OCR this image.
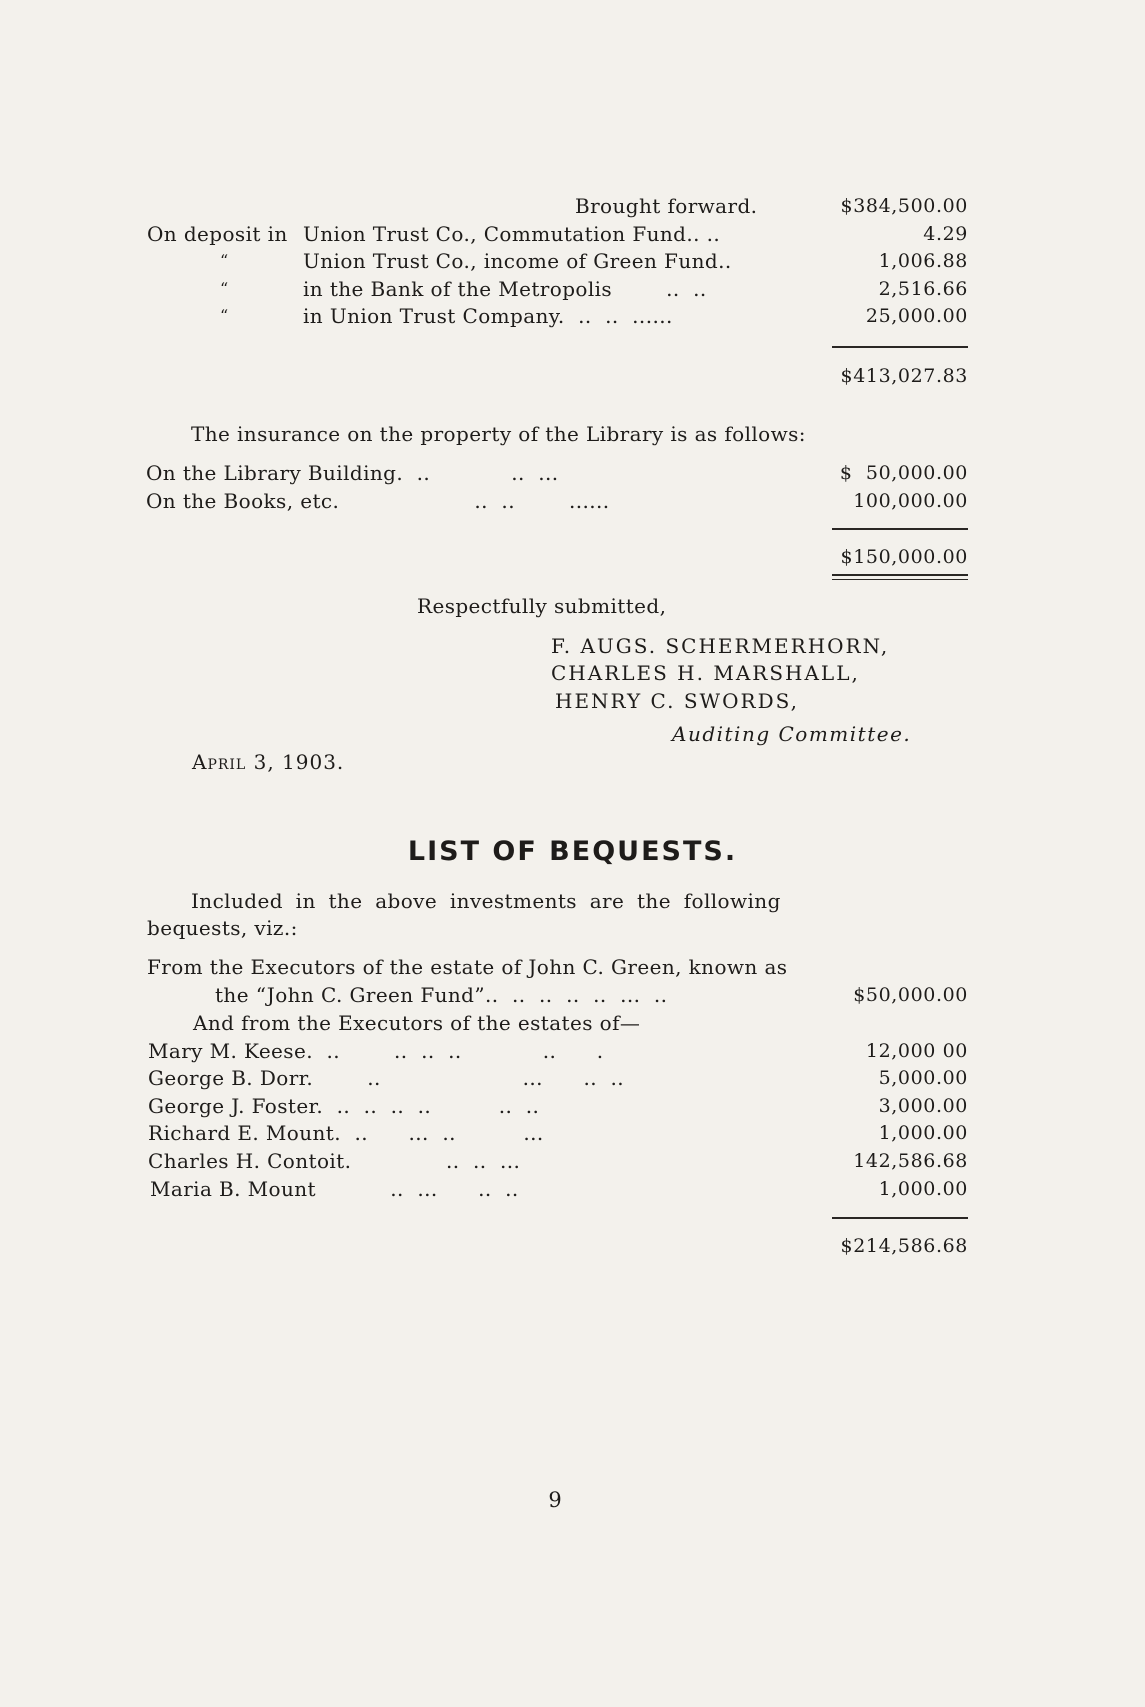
Brought forward.	$384,500.00
On deposit in Union Trust Co., Commutation Fund.. ..	4.29
“	Union Trust Co., income of Green Fund..	1,006.88
“	in the Bank of the Metropolis        ..  ..	2,516.66
“	in Union Trust Company.  ..  ..  ......	25,000.00
$413,027.83
The insurance on the property of the Library is as follows:
On the Library Building.  ..            ..  ...	$  50,000.00
On the Books, etc.                    ..  ..        ......	100,000.00
$150,000.00
Respectfully submitted,
F. AUGS. SCHERMERHORN,
CHARLES H. MARSHALL,
HENRY C. SWORDS,
Auditing Committee.
April 3, 1903.
LIST OF BEQUESTS.
Included in the above investments are the following
bequests, viz.:
From the Executors of the estate of John C. Green, known as
the “John C. Green Fund”..  ..  ..  ..  ..  ...  ..	$50,000.00
And from the Executors of the estates of—
Mary M. Keese.  ..        ..  ..  ..            ..      .	12,000 00
George B. Dorr.        ..                     ...      ..  ..	5,000.00
George J. Foster.  ..  ..  ..  ..          ..  ..	3,000.00
Richard E. Mount.  ..      ...  ..          ...	1,000.00
Charles H. Contoit.              ..  ..  ...	142,586.68
Maria B. Mount           ..  ...      ..  ..	1,000.00
$214,586.68
9
